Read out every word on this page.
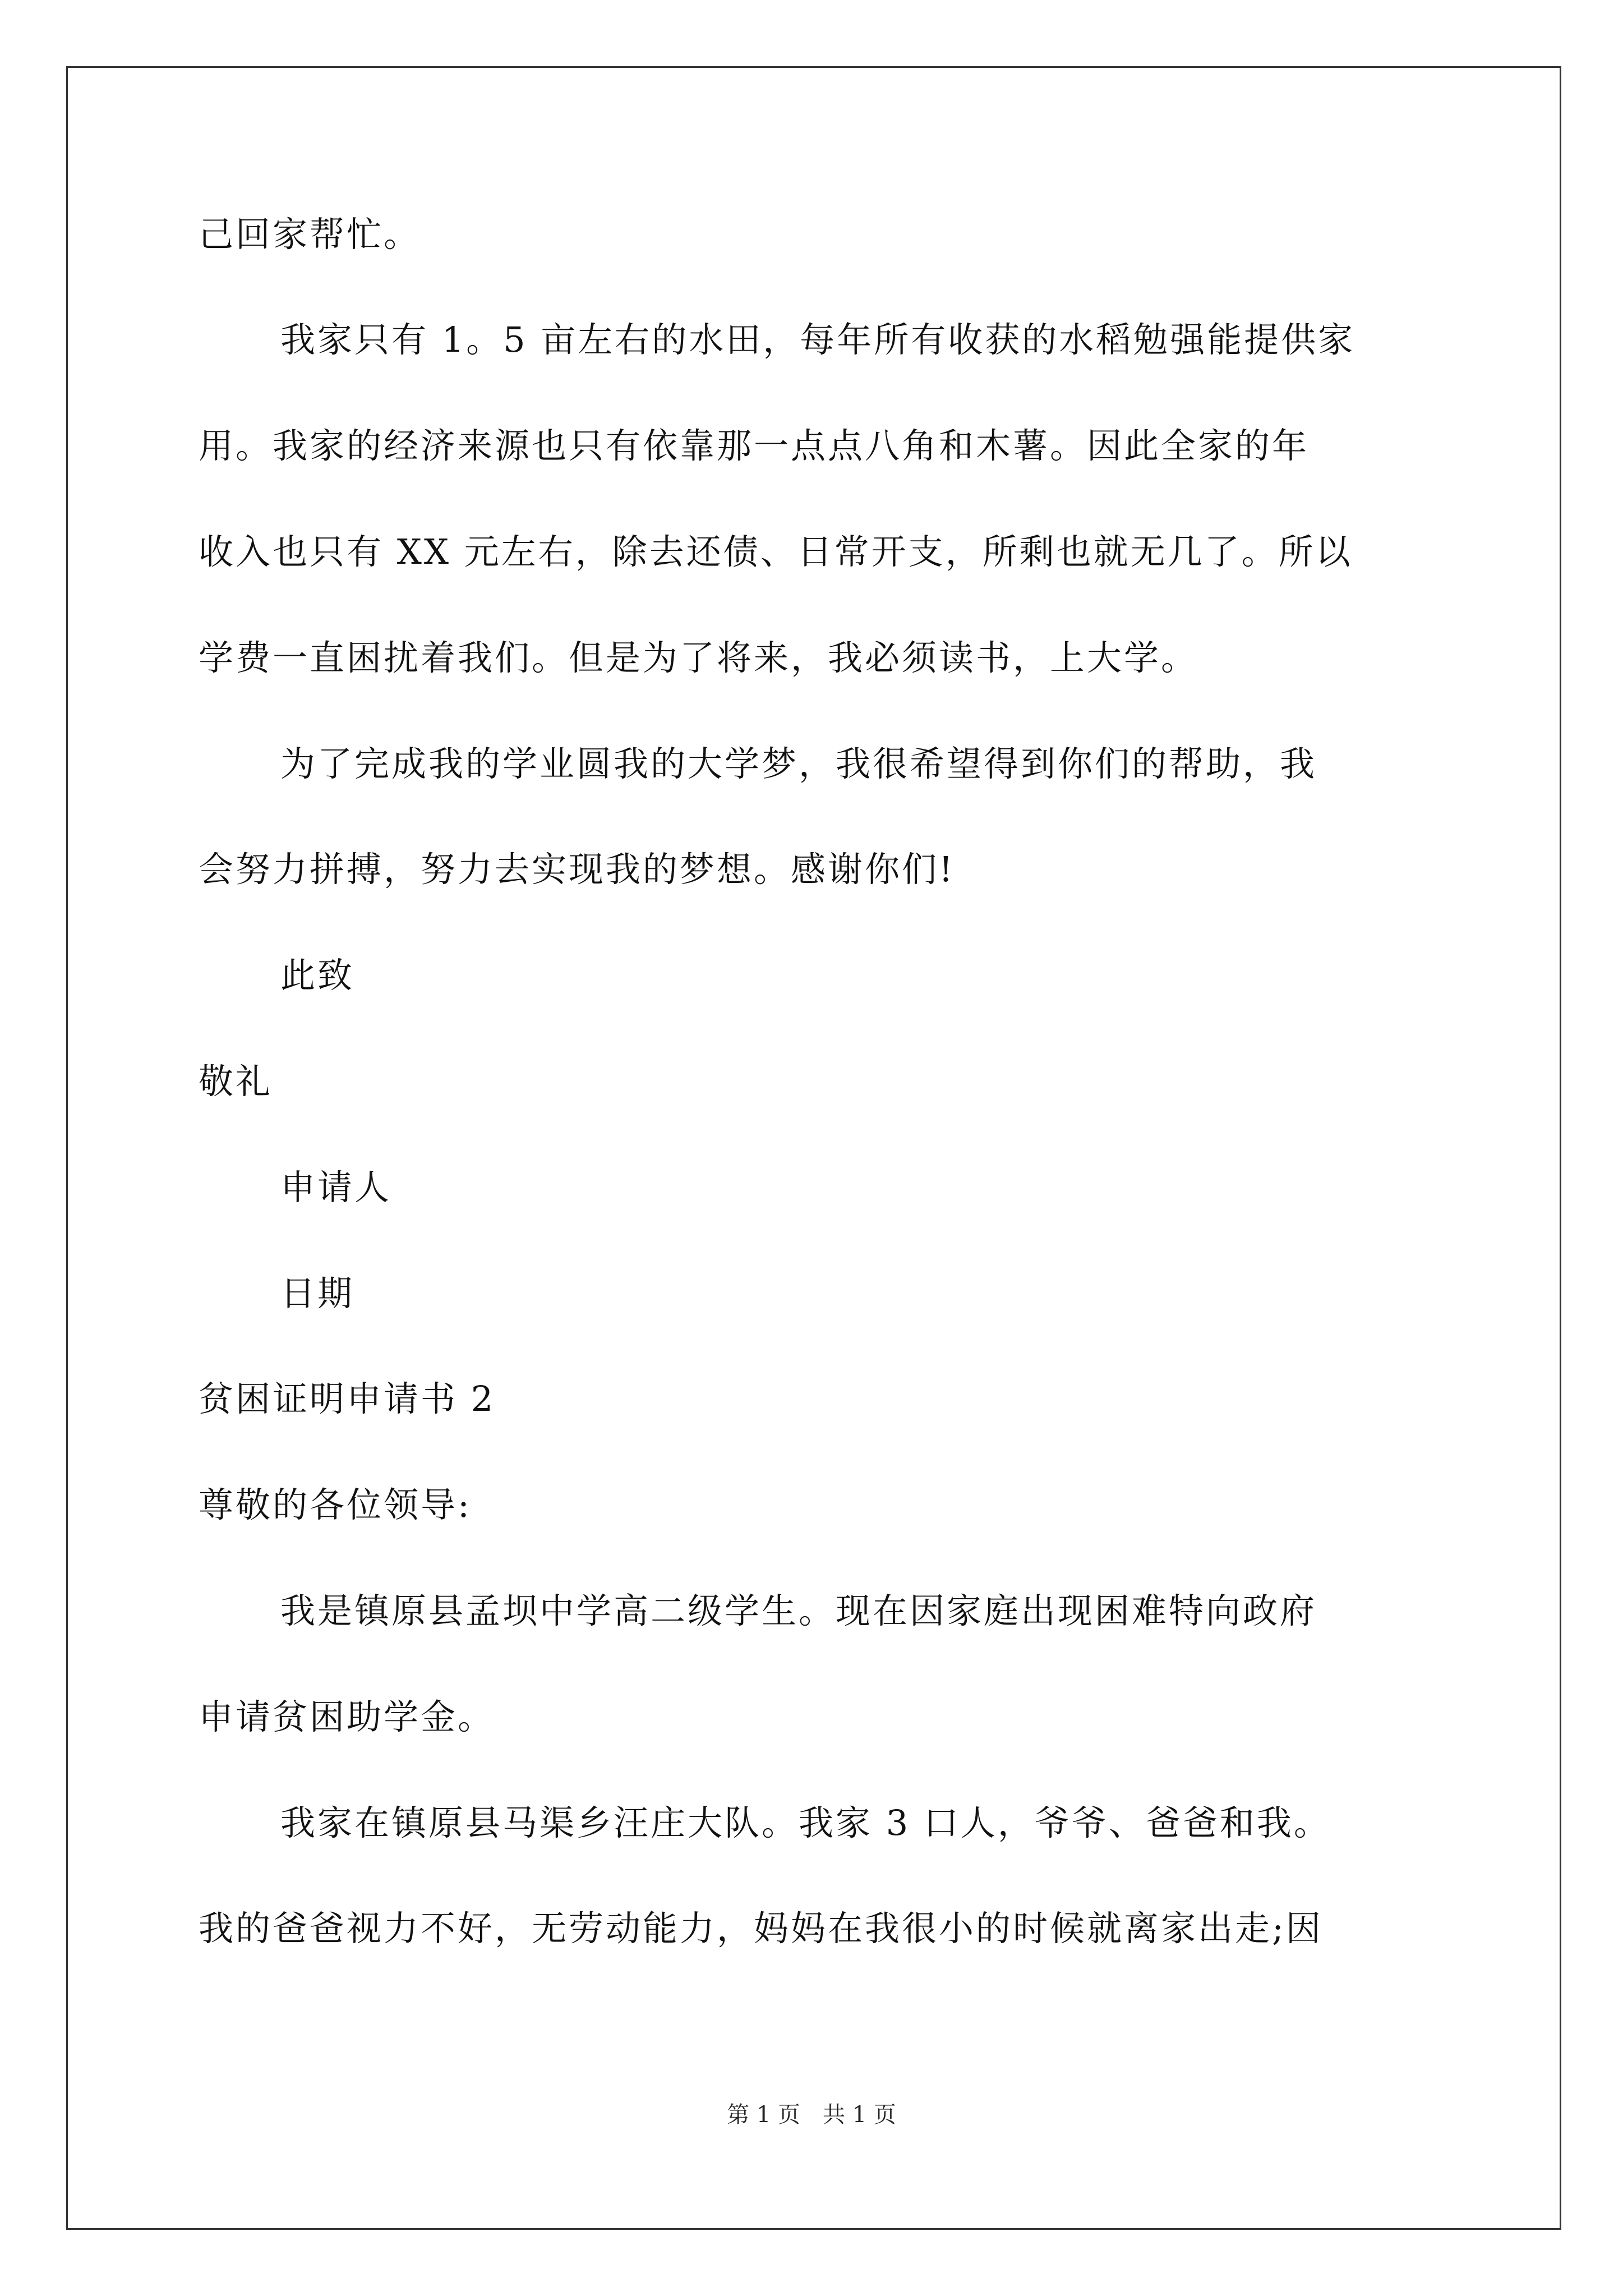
己回家帮忙。
我家只有 1。5 亩左右的水田，每年所有收获的水稻勉强能提供家
用。我家的经济来源也只有依靠那一点点八角和木薯。因此全家的年
收入也只有 XX 元左右，除去还债、日常开支，所剩也就无几了。所以
学费一直困扰着我们。但是为了将来，我必须读书，上大学。
为了完成我的学业圆我的大学梦，我很希望得到你们的帮助，我
会努力拼搏，努力去实现我的梦想。感谢你们!
此致
敬礼
申请人
日期
贫困证明申请书 2
尊敬的各位领导:
我是镇原县孟坝中学高二级学生。现在因家庭出现困难特向政府
申请贫困助学金。
我家在镇原县马渠乡汪庄大队。我家 3 口人，爷爷、爸爸和我。
我的爸爸视力不好，无劳动能力，妈妈在我很小的时候就离家出走;因
第 1 页 共 1 页
